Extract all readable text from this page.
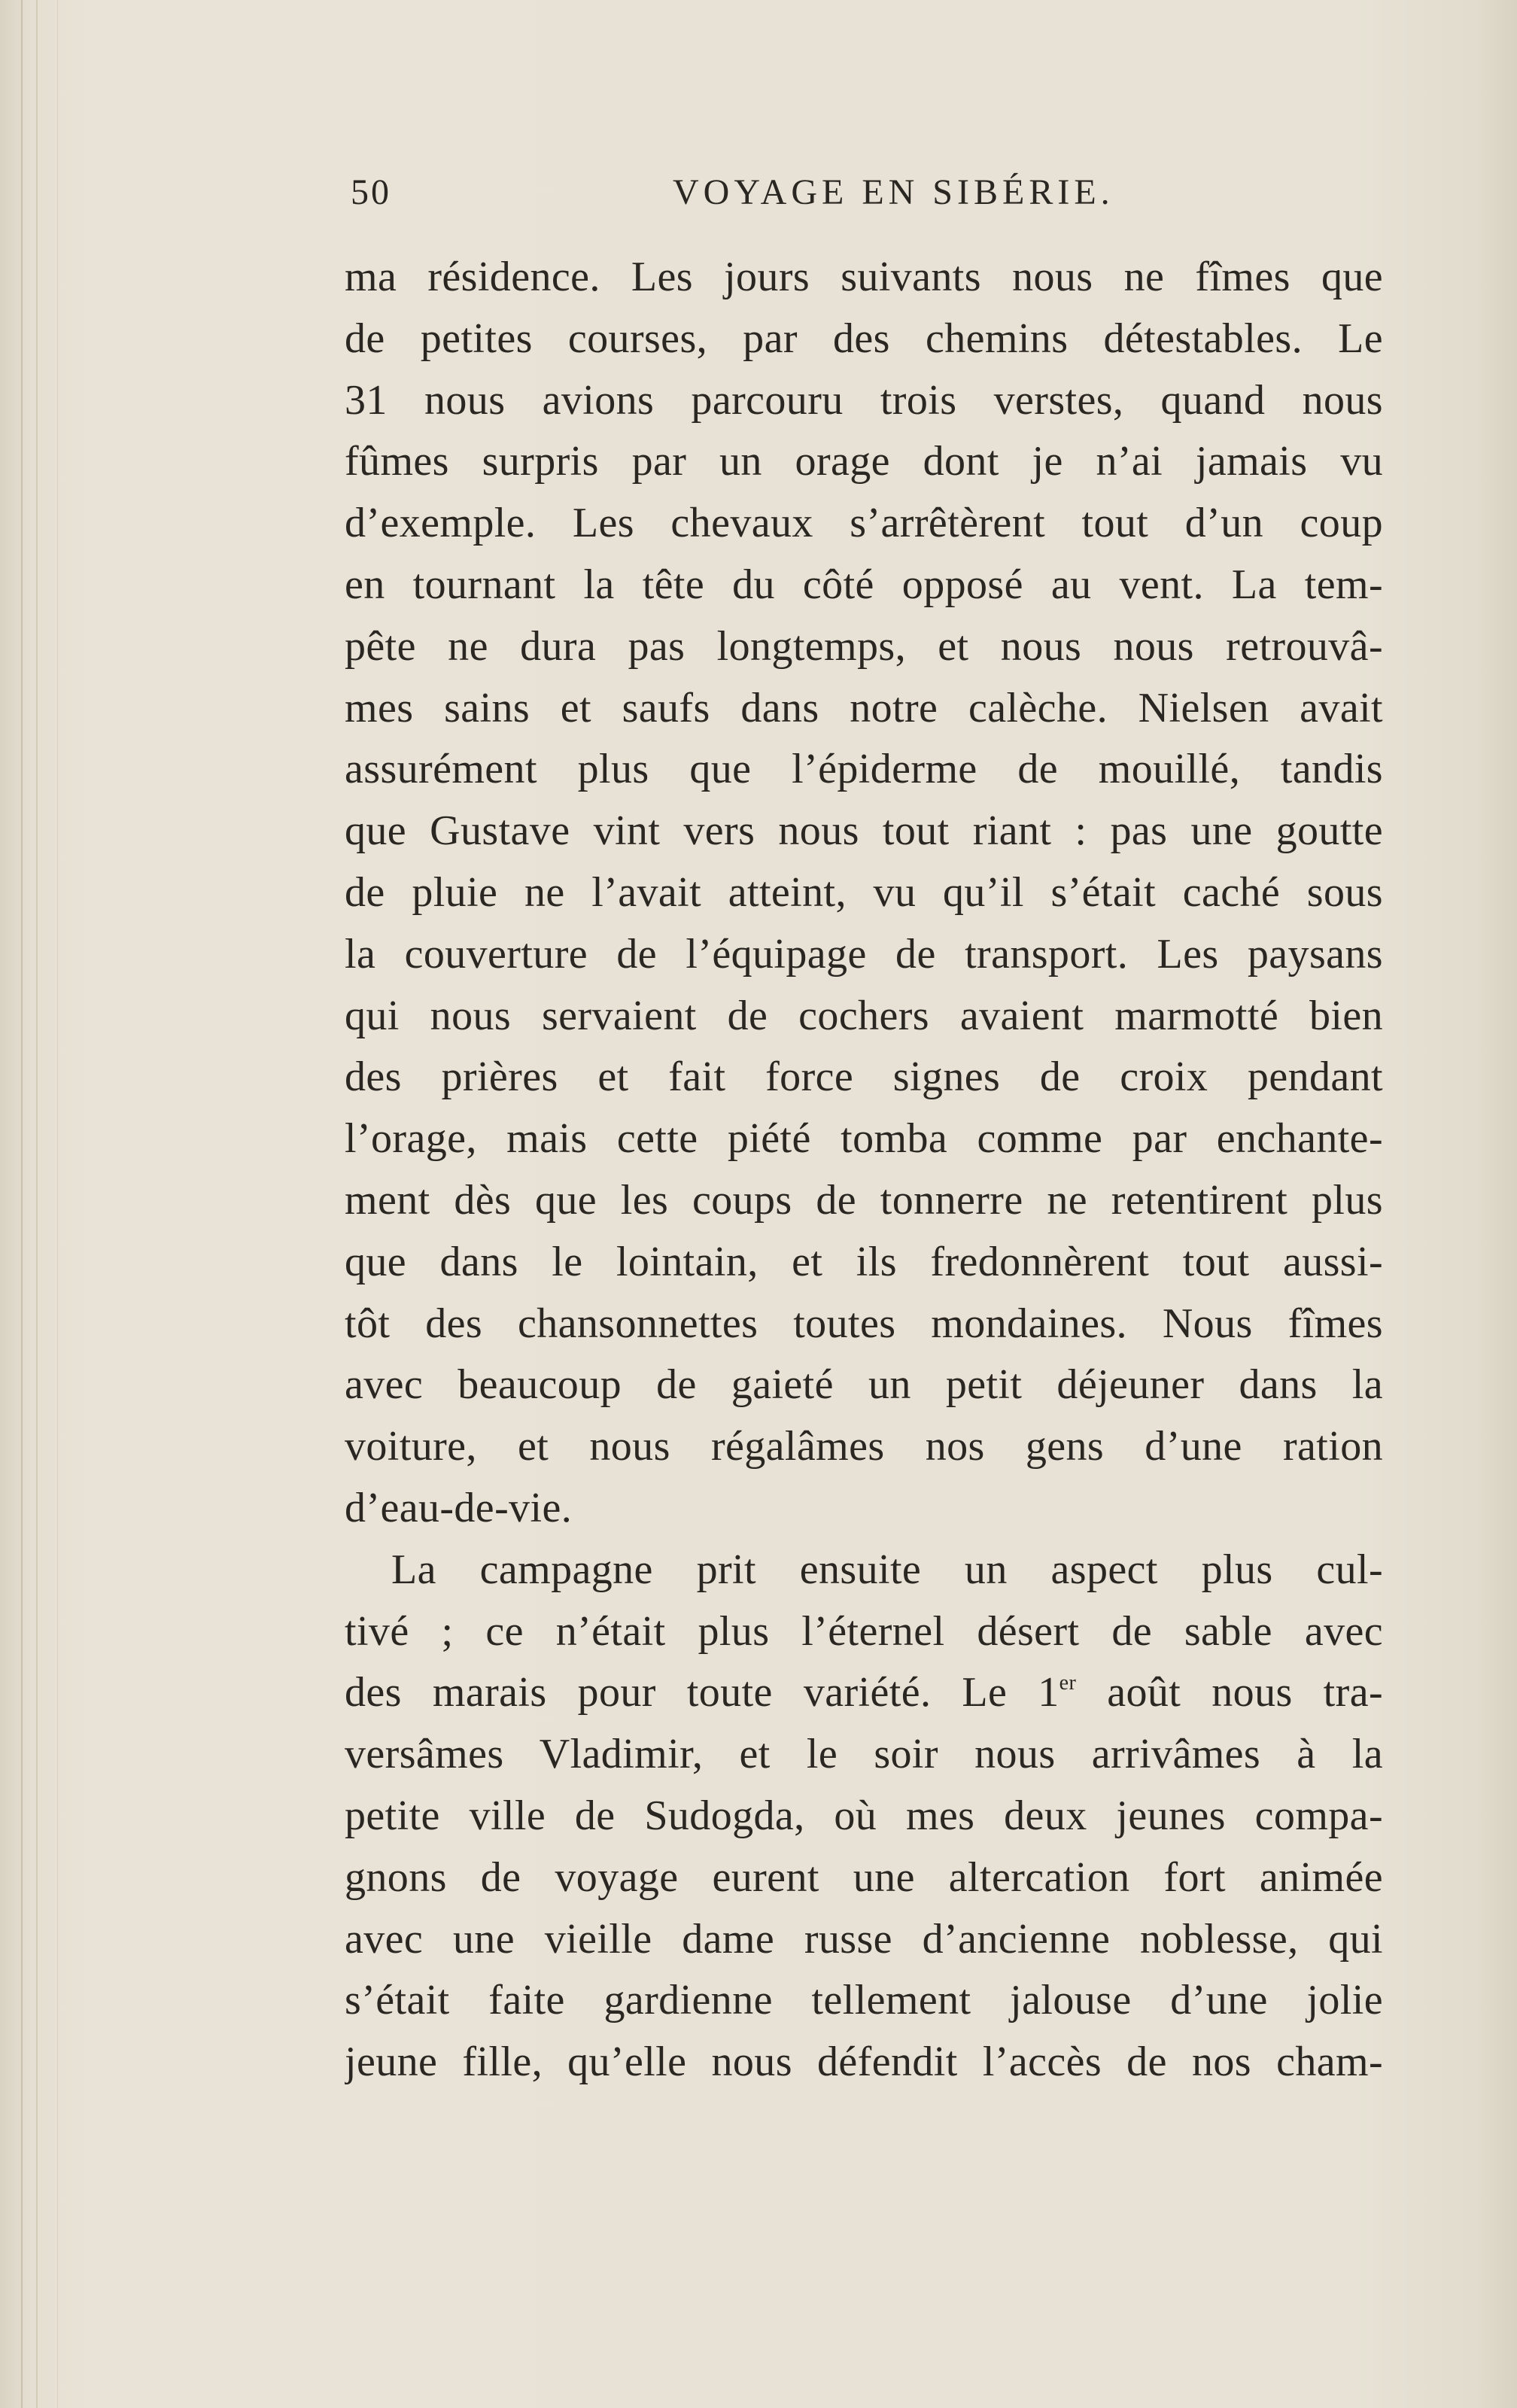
50	VOYAGE EN SIBÉRIE.
ma résidence. Les jours suivants nous ne fîmes que
de petites courses, par des chemins détestables. Le
31 nous avions parcouru trois verstes, quand nous
fûmes surpris par un orage dont je n’ai jamais vu
d’exemple. Les chevaux s’arrêtèrent tout d’un coup
en tournant la tête du côté opposé au vent. La tem-
pête ne dura pas longtemps, et nous nous retrouvâ-
mes sains et saufs dans notre calèche. Nielsen avait
assurément plus que l’épiderme de mouillé, tandis
que Gustave vint vers nous tout riant : pas une goutte
de pluie ne l’avait atteint, vu qu’il s’était caché sous
la couverture de l’équipage de transport. Les paysans
qui nous servaient de cochers avaient marmotté bien
des prières et fait force signes de croix pendant
l’orage, mais cette piété tomba comme par enchante-
ment dès que les coups de tonnerre ne retentirent plus
que dans le lointain, et ils fredonnèrent tout aussi-
tôt des chansonnettes toutes mondaines. Nous fîmes
avec beaucoup de gaieté un petit déjeuner dans la
voiture, et nous régalâmes nos gens d’une ration
d’eau-de-vie.
La campagne prit ensuite un aspect plus cul-
tivé ; ce n’était plus l’éternel désert de sable avec
des marais pour toute variété. Le 1er août nous tra-
versâmes Vladimir, et le soir nous arrivâmes à la
petite ville de Sudogda, où mes deux jeunes compa-
gnons de voyage eurent une altercation fort animée
avec une vieille dame russe d’ancienne noblesse, qui
s’était faite gardienne tellement jalouse d’une jolie
jeune fille, qu’elle nous défendit l’accès de nos cham-
